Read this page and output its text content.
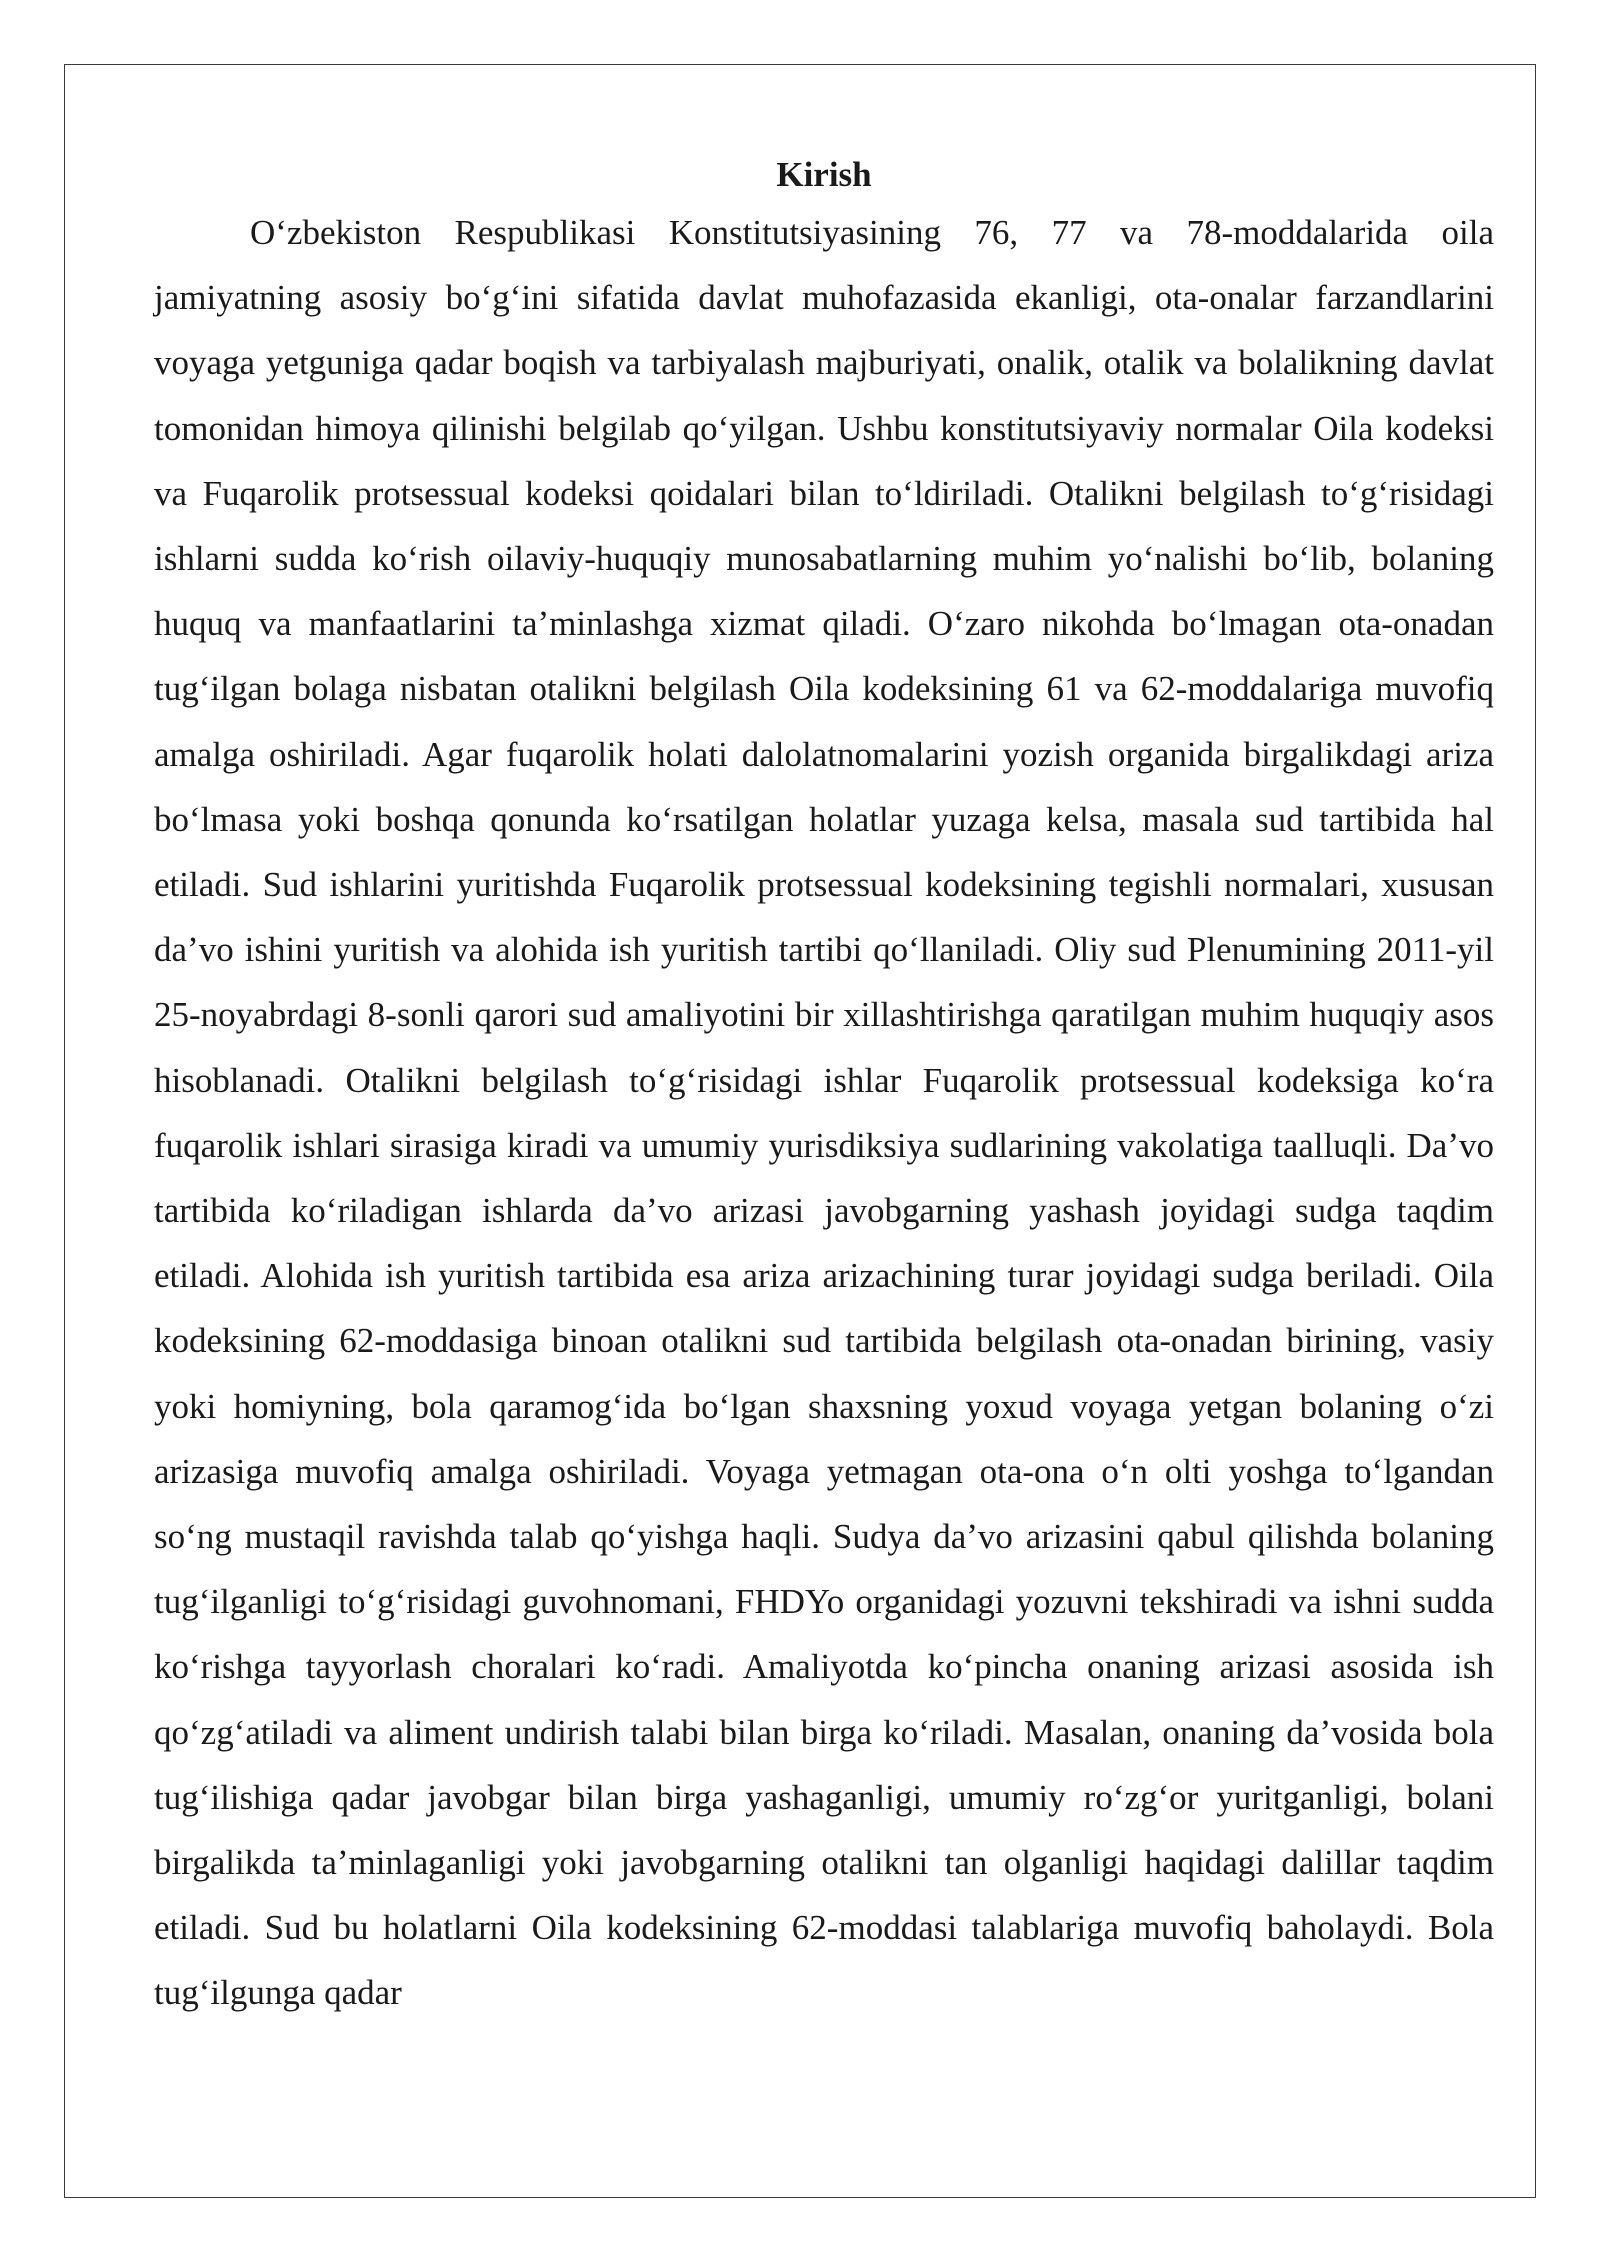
Kirish

Oʻzbekiston Respublikasi Konstitutsiyasining 76, 77 va 78-moddalarida oila jamiyatning asosiy boʻgʻini sifatida davlat muhofazasida ekanligi, ota-onalar farzandlarini voyaga yetguniga qadar boqish va tarbiyalash majburiyati, onalik, otalik va bolalikning davlat tomonidan himoya qilinishi belgilab qoʻyilgan. Ushbu konstitutsiyaviy normalar Oila kodeksi va Fuqarolik protsessual kodeksi qoidalari bilan toʻldiriladi. Otalikni belgilash toʻgʻrisidagi ishlarni sudda koʻrish oilaviy-huquqiy munosabatlarning muhim yoʻnalishi boʻlib, bolaning huquq va manfaatlarini taʼminlashga xizmat qiladi. Oʻzaro nikohda boʻlmagan ota-onadan tugʻilgan bolaga nisbatan otalikni belgilash Oila kodeksining 61 va 62-moddalariga muvofiq amalga oshiriladi. Agar fuqarolik holati dalolatnomalarini yozish organida birgalikdagi ariza boʻlmasa yoki boshqa qonunda koʻrsatilgan holatlar yuzaga kelsa, masala sud tartibida hal etiladi. Sud ishlarini yuritishda Fuqarolik protsessual kodeksining tegishli normalari, xususan daʼvo ishini yuritish va alohida ish yuritish tartibi qoʻllaniladi. Oliy sud Plenumining 2011-yil 25-noyabrdagi 8-sonli qarori sud amaliyotini bir xillashtirishga qaratilgan muhim huquqiy asos hisoblanadi. Otalikni belgilash toʻgʻrisidagi ishlar Fuqarolik protsessual kodeksiga koʻra fuqarolik ishlari sirasiga kiradi va umumiy yurisdiksiya sudlarining vakolatiga taalluqli. Daʼvo tartibida koʻriladigan ishlarda daʼvo arizasi javobgarning yashash joyidagi sudga taqdim etiladi. Alohida ish yuritish tartibida esa ariza arizachining turar joyidagi sudga beriladi. Oila kodeksining 62-moddasiga binoan otalikni sud tartibida belgilash ota-onadan birining, vasiy yoki homiyning, bola qaramogʻida boʻlgan shaxsning yoxud voyaga yetgan bolaning oʻzi arizasiga muvofiq amalga oshiriladi. Voyaga yetmagan ota-ona oʻn olti yoshga toʻlgandan soʻng mustaqil ravishda talab qoʻyishga haqli. Sudya daʼvo arizasini qabul qilishda bolaning tugʻilganligi toʻgʻrisidagi guvohnomani, FHDYo organidagi yozuvni tekshiradi va ishni sudda koʻrishga tayyorlash choralari koʻradi. Amaliyotda koʻpincha onaning arizasi asosida ish qoʻzgʻatiladi va aliment undirish talabi bilan birga koʻriladi. Masalan, onaning daʼvosida bola tugʻilishiga qadar javobgar bilan birga yashaganligi, umumiy roʻzgʻor yuritganligi, bolani birgalikda taʼminlaganligi yoki javobgarning otalikni tan olganligi haqidagi dalillar taqdim etiladi. Sud bu holatlarni Oila kodeksining 62-moddasi talablariga muvofiq baholaydi. Bola tugʻilgunga qadar
